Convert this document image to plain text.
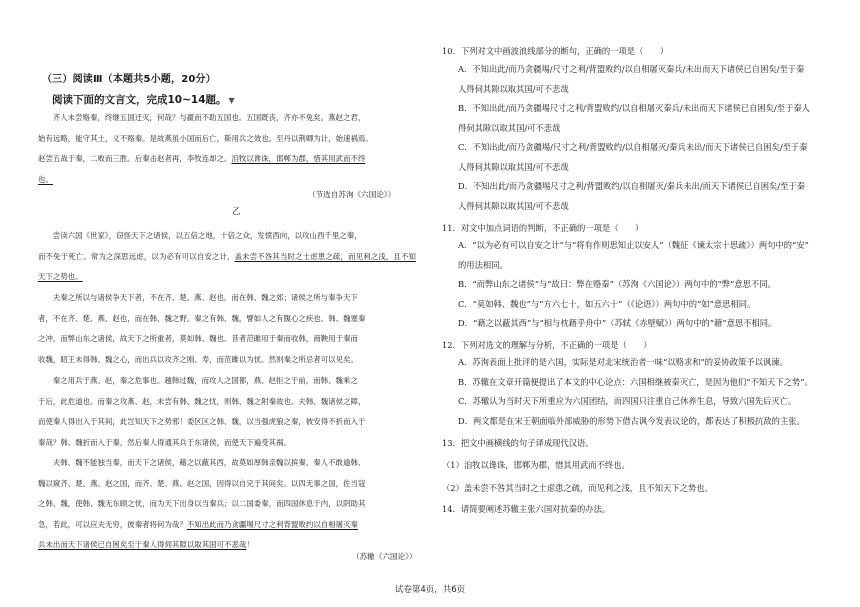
（三）阅读Ⅲ（本题共5小题，20分）
阅读下面的文言文，完成10~14题。 ▼

齐人未尝赂秦，终继五国迁灭，何哉？与嬴而不助五国也。五国既丧，齐亦不免矣。燕赵之君，

始有远略，能守其土，义不赂秦。是故燕虽小国而后亡，斯用兵之效也。至丹以荆卿为计，始速祸焉。

赵尝五战于秦，二败而三胜。后秦击赵者再，李牧连却之。洎牧以谗诛，邯郸为郡，惜其用武而不终

也。

（节选自苏洵《六国论》）
乙

尝读六国《世家》，窃怪天下之诸侯，以五倍之地，十倍之众，发愤西向，以攻山西千里之秦，

而不免于死亡。常为之深思远虑，以为必有可以自安之计，盖未尝不咎其当时之士虑患之疏，而见利之浅，且不知天下之势也。

夫秦之所以与诸侯争天下者，不在齐、楚、燕、赵也，而在韩、魏之郊；诸侯之所与秦争天下

者，不在齐、楚、燕、赵也，而在韩、魏之野。秦之有韩、魏，譬如人之有腹心之疾也。韩、魏塞秦

之冲，而弊山东之诸侯，故天下之所重者，莫如韩、魏也。昔者范雎用于秦而收韩，商鞅用于秦而

收魏，昭王未得韩、魏之心，而出兵以攻齐之刚、寿，而范雎以为忧。然则秦之所忌者可以见矣。

秦之用兵于燕、赵，秦之危事也。越韩过魏，而攻人之国都，燕、赵拒之于前，而韩、魏乘之

于后，此危道也。而秦之攻燕、赵，未尝有韩、魏之忧，则韩、魏之附秦故也。夫韩、魏诸侯之障，

而使秦人得出入于其间，此岂知天下之势邪！委区区之韩、魏，以当强虎狼之秦，彼安得不折而入于

秦哉？韩、魏折而入于秦，然后秦人得通其兵于东诸侯，而使天下遍受其祸。

夫韩、魏不能独当秦，而天下之诸侯，藉之以蔽其西，故莫如厚韩亲魏以摈秦。秦人不敢逾韩、

魏以窥齐、楚、燕、赵之国，而齐、楚、燕、赵之国，因得以自完于其间矣。以四无事之国，佐当寇

之韩、魏，使韩、魏无东顾之忧，而为天下出身以当秦兵；以二国委秦，而四国休息于内，以阴助其

急，若此，可以应夫无穷，彼秦者将何为哉？不知出此而乃贪疆埸尺寸之利背盟败约以自相屠灭秦

兵未出而天下诸侯已自困矣至于秦人得伺其隙以取其国可不悲哉！

（苏辙《六国论》）
10．下列对文中画波浪线部分的断句，正确的一项是（　　）
A．不知出此/而乃贪疆埸/尺寸之利/背盟败约/以自相屠灭秦兵/未出而天下诸侯已自困矣/至于秦
人得伺其隙以取其国/可不悲哉
B．不知出此/而乃贪疆埸尺寸之利/背盟败约/以自相屠灭秦兵/未出而天下诸侯已自困矣/至于秦人
得伺其隙以取其国/可不悲哉
C．不知出此/而乃贪疆埸/尺寸之利/背盟败约/以自相屠灭/秦兵未出/而天下诸侯已自困矣/至于秦
人得伺其隙以取其国/可不悲哉
D．不知出此/而乃贪疆埸尺寸之利/背盟败约/以自相屠灭/秦兵未出/而天下诸侯已自困矣/至于秦
人得伺其隙以取其国/可不悲哉
11．对文中加点词语的判断，不正确的一项是（　　）
A．“以为必有可以自安之计”与“将有作则思知止以安人”（魏征《谏太宗十思疏》）两句中的“安”
的用法相同。
B．“而弊山东之诸侯”与“故曰：弊在赂秦”（苏洵《六国论》）两句中的“弊”意思不同。
C．“莫如韩、魏也”与“方六七十，如五六十”（《论语》）两句中的“如”意思相同。
D．“藉之以蔽其西”与“相与枕藉乎舟中”（苏轼《赤壁赋》）两句中的“藉”意思不相同。
12．下列对选文的理解与分析，不正确的一项是（　　）
A．苏洵表面上批评的是六国，实际是对北宋统治者一味“以赂求和”的妥协政策予以讽谏。
B．苏辙在文章开篇便提出了本文的中心论点：六国相继被秦灭亡，是因为他们“不知天下之势”。
C．苏辙认为当时天下所重应为六国团结，而四国只注重自己休养生息，导致六国先后灭亡。
D．两文都是在宋王朝面临外部威胁的形势下借古讽今发表议论的，都表达了积极抗敌的主张。
13．把文中画横线的句子译成现代汉语。
（1）洎牧以谗诛，邯郸为郡，惜其用武而不终也。
（2）盖未尝不咎其当时之士虑患之疏，而见利之浅，且不知天下之势也。
14．请简要阐述苏辙主张六国对抗秦的办法。
试卷第4页，共6页
